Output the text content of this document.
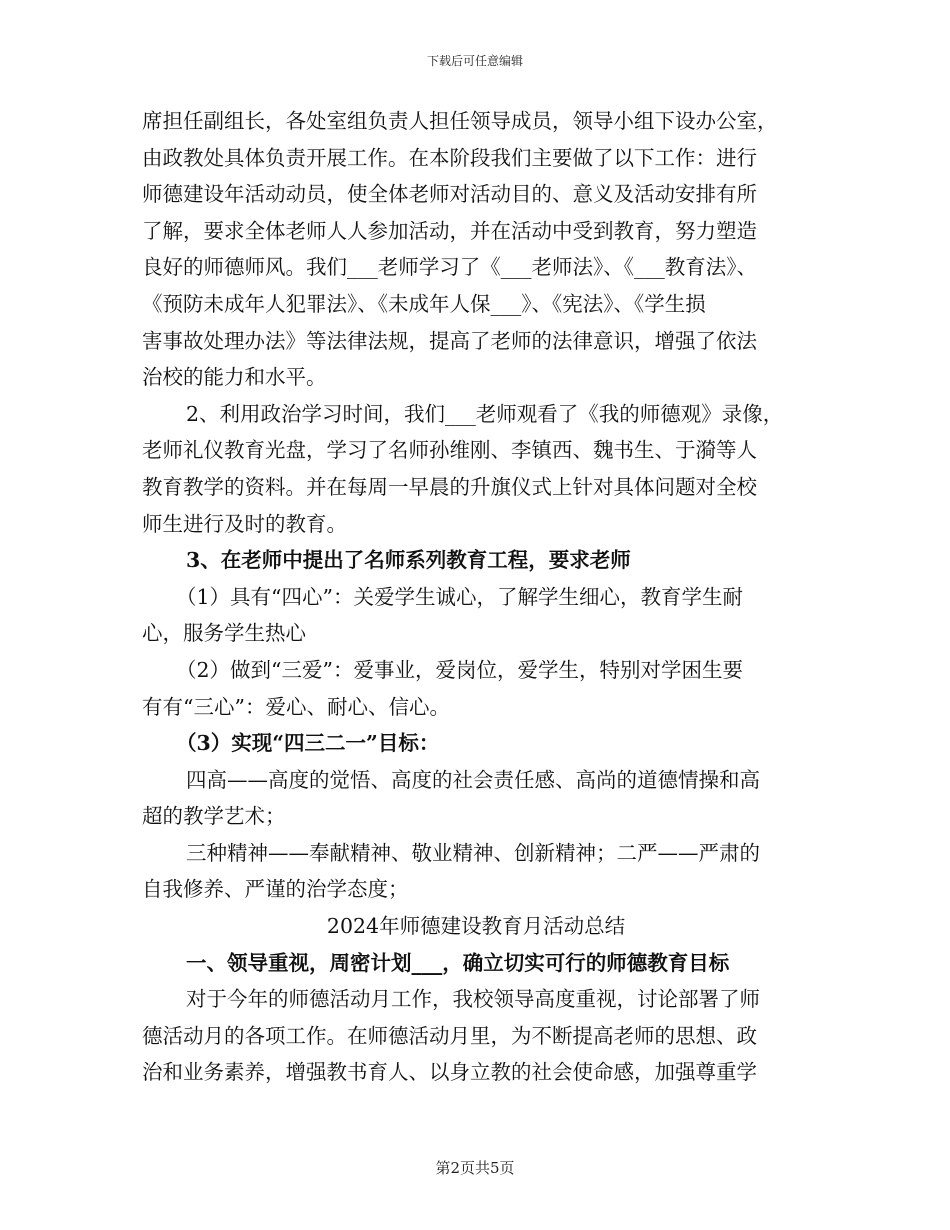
下载后可任意编辑
席担任副组长，各处室组负责人担任领导成员，领导小组下设办公室，
由政教处具体负责开展工作。在本阶段我们主要做了以下工作：进行
师德建设年活动动员，使全体老师对活动目的、意义及活动安排有所
了解，要求全体老师人人参加活动，并在活动中受到教育，努力塑造
良好的师德师风。我们___老师学习了《___老师法》、《___教育法》、
《预防未成年人犯罪法》、《未成年人保___》、《宪法》、《学生损
害事故处理办法》等法律法规，提高了老师的法律意识，增强了依法
治校的能力和水平。
2、利用政治学习时间，我们___老师观看了《我的师德观》录像，
老师礼仪教育光盘，学习了名师孙维刚、李镇西、魏书生、于漪等人
教育教学的资料。并在每周一早晨的升旗仪式上针对具体问题对全校
师生进行及时的教育。
3、在老师中提出了名师系列教育工程，要求老师
（1）具有“四心”：关爱学生诚心，了解学生细心，教育学生耐
心，服务学生热心
（2）做到“三爱”：爱事业，爱岗位，爱学生，特别对学困生要
有有“三心”：爱心、耐心、信心。
（3）实现“四三二一”目标：
四高——高度的觉悟、高度的社会责任感、高尚的道德情操和高
超的教学艺术；
三种精神——奉献精神、敬业精神、创新精神；二严——严肃的
自我修养、严谨的治学态度；
2024年师德建设教育月活动总结
一、领导重视，周密计划___，确立切实可行的师德教育目标
对于今年的师德活动月工作，我校领导高度重视，讨论部署了师
德活动月的各项工作。在师德活动月里，为不断提高老师的思想、政
治和业务素养，增强教书育人、以身立教的社会使命感，加强尊重学
第2页共5页
